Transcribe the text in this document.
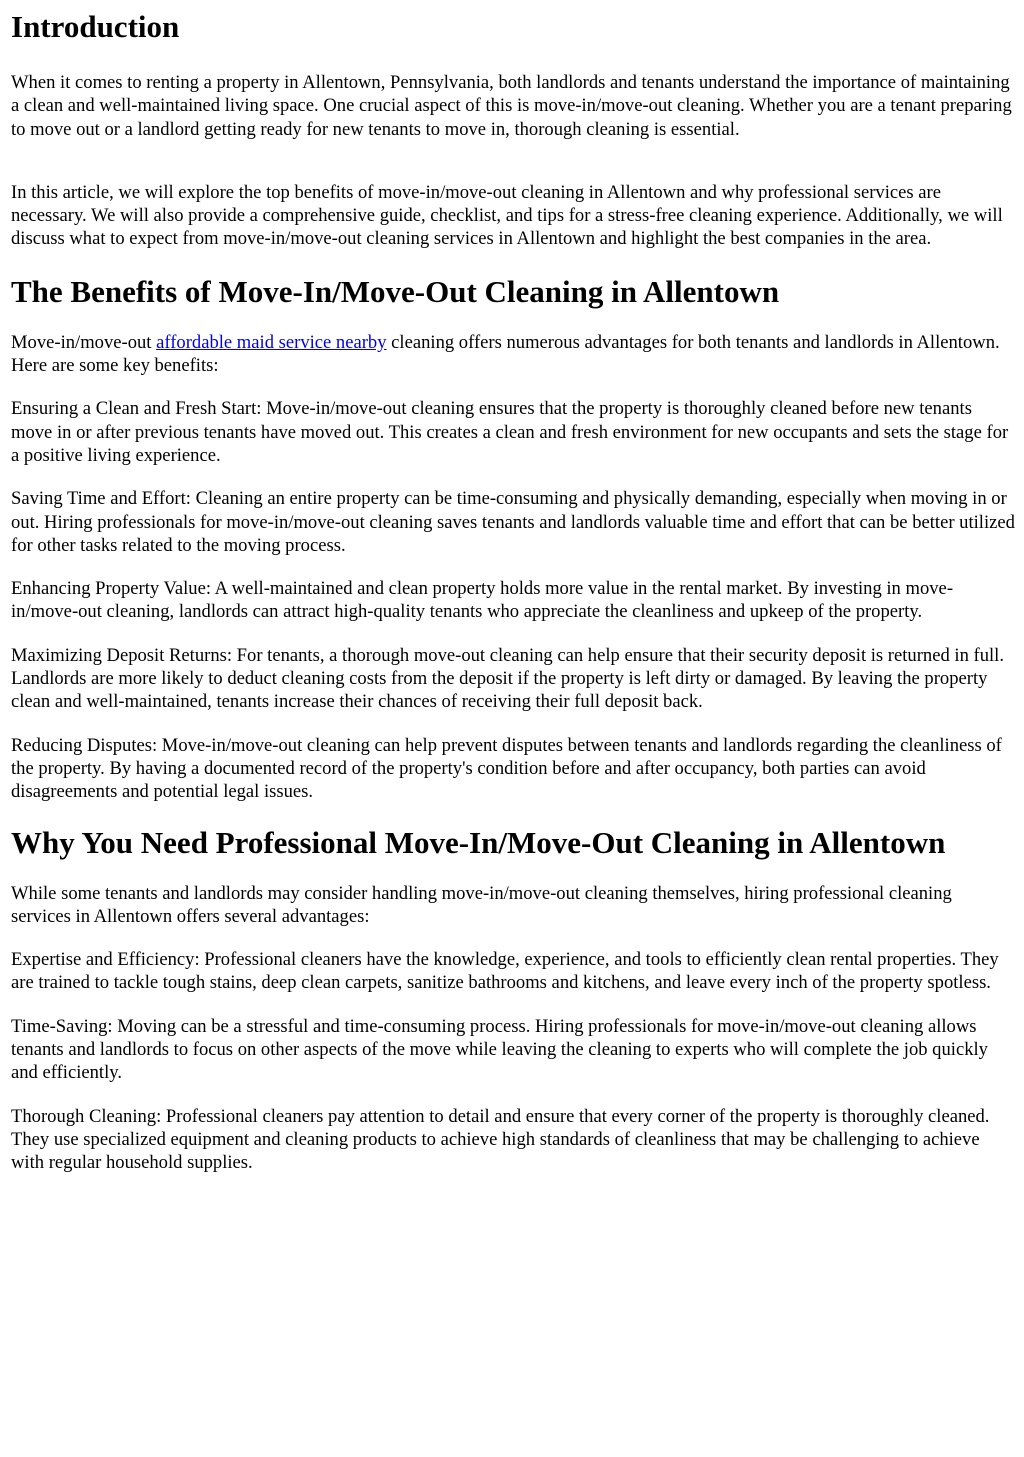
Introduction

When it comes to renting a property in Allentown, Pennsylvania, both landlords and tenants understand the importance of maintaining a clean and well-maintained living space. One crucial aspect of this is move-in/move-out cleaning. Whether you are a tenant preparing to move out or a landlord getting ready for new tenants to move in, thorough cleaning is essential.

In this article, we will explore the top benefits of move-in/move-out cleaning in Allentown and why professional services are necessary. We will also provide a comprehensive guide, checklist, and tips for a stress-free cleaning experience. Additionally, we will discuss what to expect from move-in/move-out cleaning services in Allentown and highlight the best companies in the area.

The Benefits of Move-In/Move-Out Cleaning in Allentown

Move-in/move-out affordable maid service nearby cleaning offers numerous advantages for both tenants and landlords in Allentown. Here are some key benefits:

Ensuring a Clean and Fresh Start: Move-in/move-out cleaning ensures that the property is thoroughly cleaned before new tenants move in or after previous tenants have moved out. This creates a clean and fresh environment for new occupants and sets the stage for a positive living experience.

Saving Time and Effort: Cleaning an entire property can be time-consuming and physically demanding, especially when moving in or out. Hiring professionals for move-in/move-out cleaning saves tenants and landlords valuable time and effort that can be better utilized for other tasks related to the moving process.

Enhancing Property Value: A well-maintained and clean property holds more value in the rental market. By investing in move-in/move-out cleaning, landlords can attract high-quality tenants who appreciate the cleanliness and upkeep of the property.

Maximizing Deposit Returns: For tenants, a thorough move-out cleaning can help ensure that their security deposit is returned in full. Landlords are more likely to deduct cleaning costs from the deposit if the property is left dirty or damaged. By leaving the property clean and well-maintained, tenants increase their chances of receiving their full deposit back.

Reducing Disputes: Move-in/move-out cleaning can help prevent disputes between tenants and landlords regarding the cleanliness of the property. By having a documented record of the property's condition before and after occupancy, both parties can avoid disagreements and potential legal issues.

Why You Need Professional Move-In/Move-Out Cleaning in Allentown

While some tenants and landlords may consider handling move-in/move-out cleaning themselves, hiring professional cleaning services in Allentown offers several advantages:

Expertise and Efficiency: Professional cleaners have the knowledge, experience, and tools to efficiently clean rental properties. They are trained to tackle tough stains, deep clean carpets, sanitize bathrooms and kitchens, and leave every inch of the property spotless.

Time-Saving: Moving can be a stressful and time-consuming process. Hiring professionals for move-in/move-out cleaning allows tenants and landlords to focus on other aspects of the move while leaving the cleaning to experts who will complete the job quickly and efficiently.

Thorough Cleaning: Professional cleaners pay attention to detail and ensure that every corner of the property is thoroughly cleaned. They use specialized equipment and cleaning products to achieve high standards of cleanliness that may be challenging to achieve with regular household supplies.
